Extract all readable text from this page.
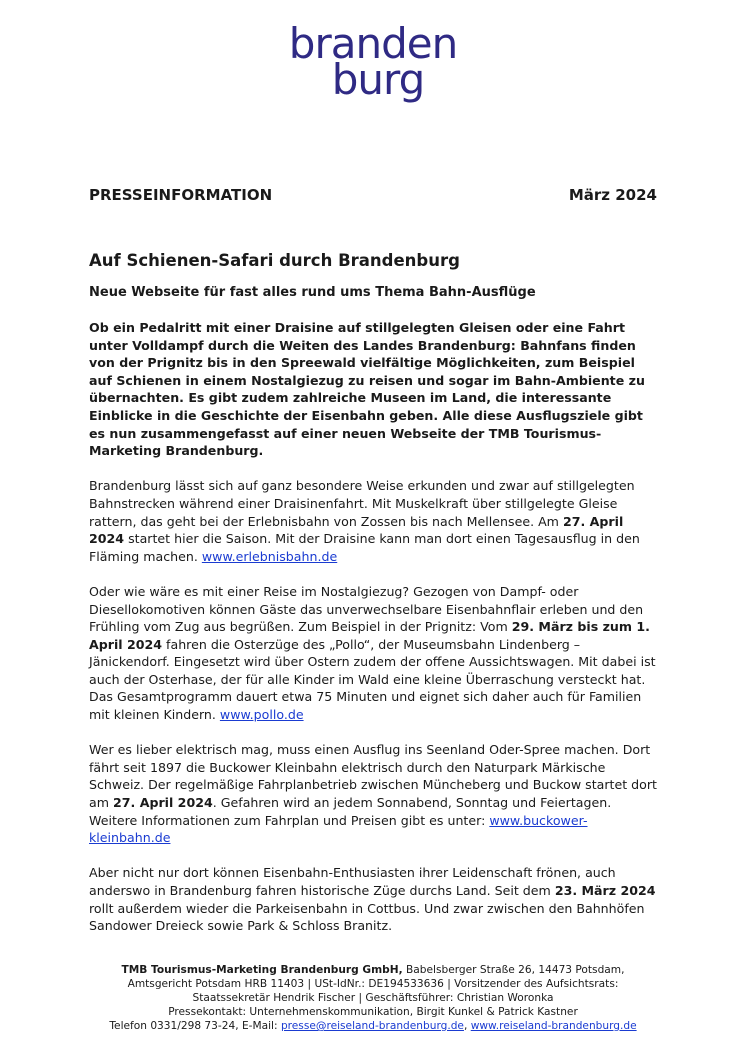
branden
burg
PRESSEINFORMATION	März 2024
Auf Schienen-Safari durch Brandenburg
Neue Webseite für fast alles rund ums Thema Bahn-Ausflüge

Ob ein Pedalritt mit einer Draisine auf stillgelegten Gleisen oder eine Fahrt unter Volldampf durch die Weiten des Landes Brandenburg: Bahnfans finden von der Prignitz bis in den Spreewald vielfältige Möglichkeiten, zum Beispiel auf Schienen in einem Nostalgiezug zu reisen und sogar im Bahn-Ambiente zu übernachten. Es gibt zudem zahlreiche Museen im Land, die interessante Einblicke in die Geschichte der Eisenbahn geben. Alle diese Ausflugsziele gibt es nun zusammengefasst auf einer neuen Webseite der TMB Tourismus-Marketing Brandenburg.

Brandenburg lässt sich auf ganz besondere Weise erkunden und zwar auf stillgelegten Bahnstrecken während einer Draisinenfahrt. Mit Muskelkraft über stillgelegte Gleise rattern, das geht bei der Erlebnisbahn von Zossen bis nach Mellensee. Am 27. April 2024 startet hier die Saison. Mit der Draisine kann man dort einen Tagesausflug in den Fläming machen. www.erlebnisbahn.de

Oder wie wäre es mit einer Reise im Nostalgiezug? Gezogen von Dampf- oder Diesellokomotiven können Gäste das unverwechselbare Eisenbahnflair erleben und den Frühling vom Zug aus begrüßen. Zum Beispiel in der Prignitz: Vom 29. März bis zum 1. April 2024 fahren die Osterzüge des „Pollo“, der Museumsbahn Lindenberg – Jänickendorf. Eingesetzt wird über Ostern zudem der offene Aussichtswagen. Mit dabei ist auch der Osterhase, der für alle Kinder im Wald eine kleine Überraschung versteckt hat. Das Gesamtprogramm dauert etwa 75 Minuten und eignet sich daher auch für Familien mit kleinen Kindern. www.pollo.de

Wer es lieber elektrisch mag, muss einen Ausflug ins Seenland Oder-Spree machen. Dort fährt seit 1897 die Buckower Kleinbahn elektrisch durch den Naturpark Märkische Schweiz. Der regelmäßige Fahrplanbetrieb zwischen Müncheberg und Buckow startet dort am 27. April 2024. Gefahren wird an jedem Sonnabend, Sonntag und Feiertagen. Weitere Informationen zum Fahrplan und Preisen gibt es unter: www.buckower-kleinbahn.de

Aber nicht nur dort können Eisenbahn-Enthusiasten ihrer Leidenschaft frönen, auch anderswo in Brandenburg fahren historische Züge durchs Land. Seit dem 23. März 2024 rollt außerdem wieder die Parkeisenbahn in Cottbus. Und zwar zwischen den Bahnhöfen Sandower Dreieck sowie Park & Schloss Branitz.

TMB Tourismus-Marketing Brandenburg GmbH, Babelsberger Straße 26, 14473 Potsdam,
Amtsgericht Potsdam HRB 11403 | USt-IdNr.: DE194533636 | Vorsitzender des Aufsichtsrats:
Staatssekretär Hendrik Fischer | Geschäftsführer: Christian Woronka
Pressekontakt: Unternehmenskommunikation, Birgit Kunkel & Patrick Kastner
Telefon 0331/298 73-24, E-Mail: presse@reiseland-brandenburg.de, www.reiseland-brandenburg.de
